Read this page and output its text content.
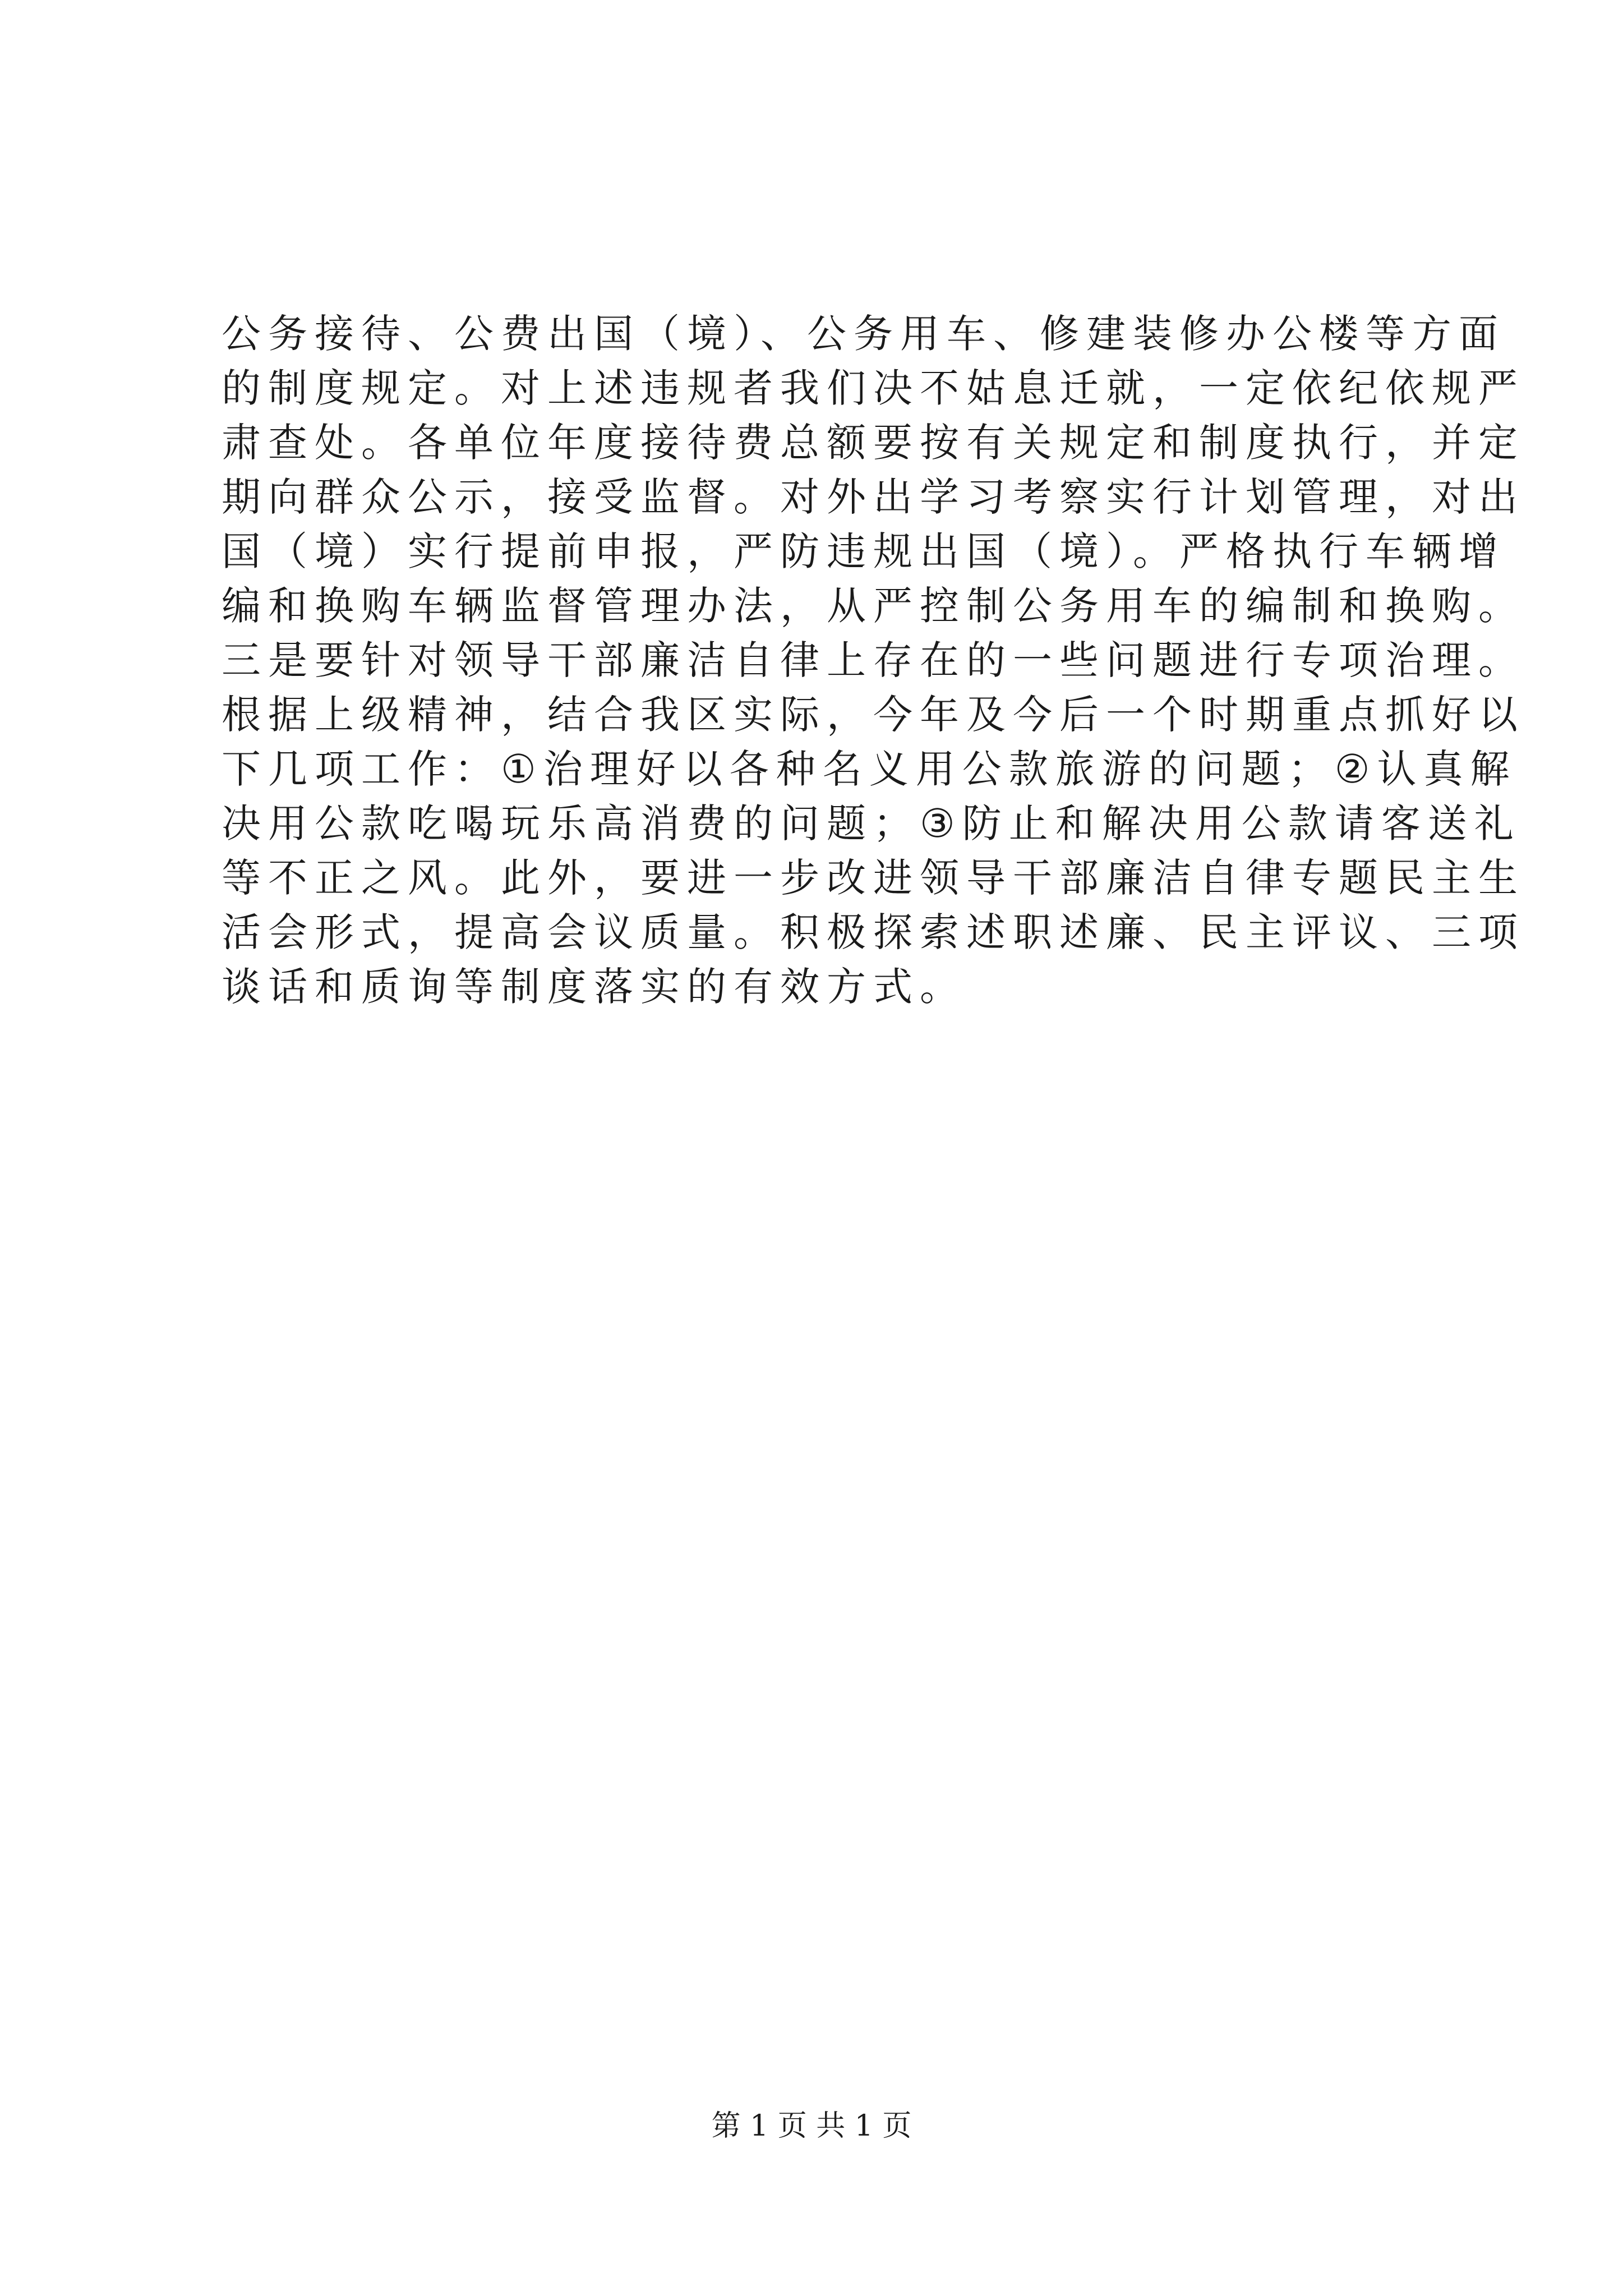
公务接待、公费出国（境）、公务用车、修建装修办公楼等方面
的制度规定。对上述违规者我们决不姑息迁就，一定依纪依规严
肃查处。各单位年度接待费总额要按有关规定和制度执行，并定
期向群众公示，接受监督。对外出学习考察实行计划管理，对出
国（境）实行提前申报，严防违规出国（境）。严格执行车辆增
编和换购车辆监督管理办法，从严控制公务用车的编制和换购。
三是要针对领导干部廉洁自律上存在的一些问题进行专项治理。
根据上级精神，结合我区实际，今年及今后一个时期重点抓好以
下几项工作：①治理好以各种名义用公款旅游的问题；②认真解
决用公款吃喝玩乐高消费的问题；③防止和解决用公款请客送礼
等不正之风。此外，要进一步改进领导干部廉洁自律专题民主生
活会形式，提高会议质量。积极探索述职述廉、民主评议、三项
谈话和质询等制度落实的有效方式。
第 1 页 共 1 页
